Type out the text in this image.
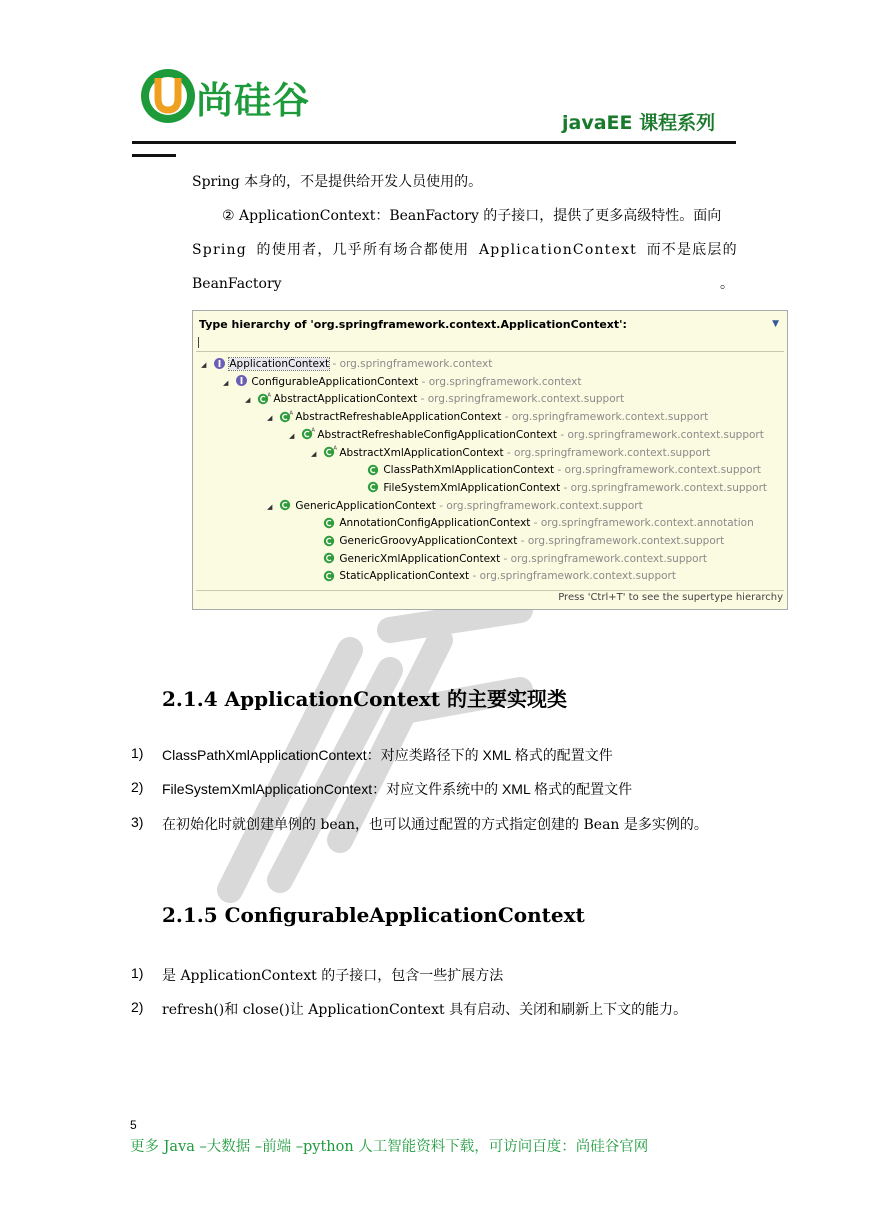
尚硅谷
javaEE 课程系列
Spring 本身的，不是提供给开发人员使用的。
② ApplicationContext：BeanFactory 的子接口，提供了更多高级特性。面向
Spring 的使用者，几乎所有场合都使用 ApplicationContext 而不是底层的
BeanFactory	。
Type hierarchy of 'org.springframework.context.ApplicationContext':	▼
◢ ApplicationContext - org.springframework.context
◢ ConfigurableApplicationContext - org.springframework.context
◢
A AbstractApplicationContext - org.springframework.context.support
◢
A AbstractRefreshableApplicationContext - org.springframework.context.support
◢
A AbstractRefreshableConfigApplicationContext - org.springframework.context.support
◢
A AbstractXmlApplicationContext - org.springframework.context.support
ClassPathXmlApplicationContext - org.springframework.context.support
FileSystemXmlApplicationContext - org.springframework.context.support
◢ GenericApplicationContext - org.springframework.context.support
AnnotationConfigApplicationContext - org.springframework.context.annotation
GenericGroovyApplicationContext - org.springframework.context.support
GenericXmlApplicationContext - org.springframework.context.support
StaticApplicationContext - org.springframework.context.support
Press 'Ctrl+T' to see the supertype hierarchy
2.1.4 ApplicationContext 的主要实现类
1) ClassPathXmlApplicationContext：对应类路径下的 XML 格式的配置文件
2) FileSystemXmlApplicationContext：对应文件系统中的 XML 格式的配置文件
3) 在初始化时就创建单例的 bean，也可以通过配置的方式指定创建的 Bean 是多实例的。
2.1.5 ConfigurableApplicationContext
1) 是 ApplicationContext 的子接口，包含一些扩展方法
2) refresh()和 close()让 ApplicationContext 具有启动、关闭和刷新上下文的能力。
5
更多 Java –大数据 –前端 –python 人工智能资料下载，可访问百度：尚硅谷官网
